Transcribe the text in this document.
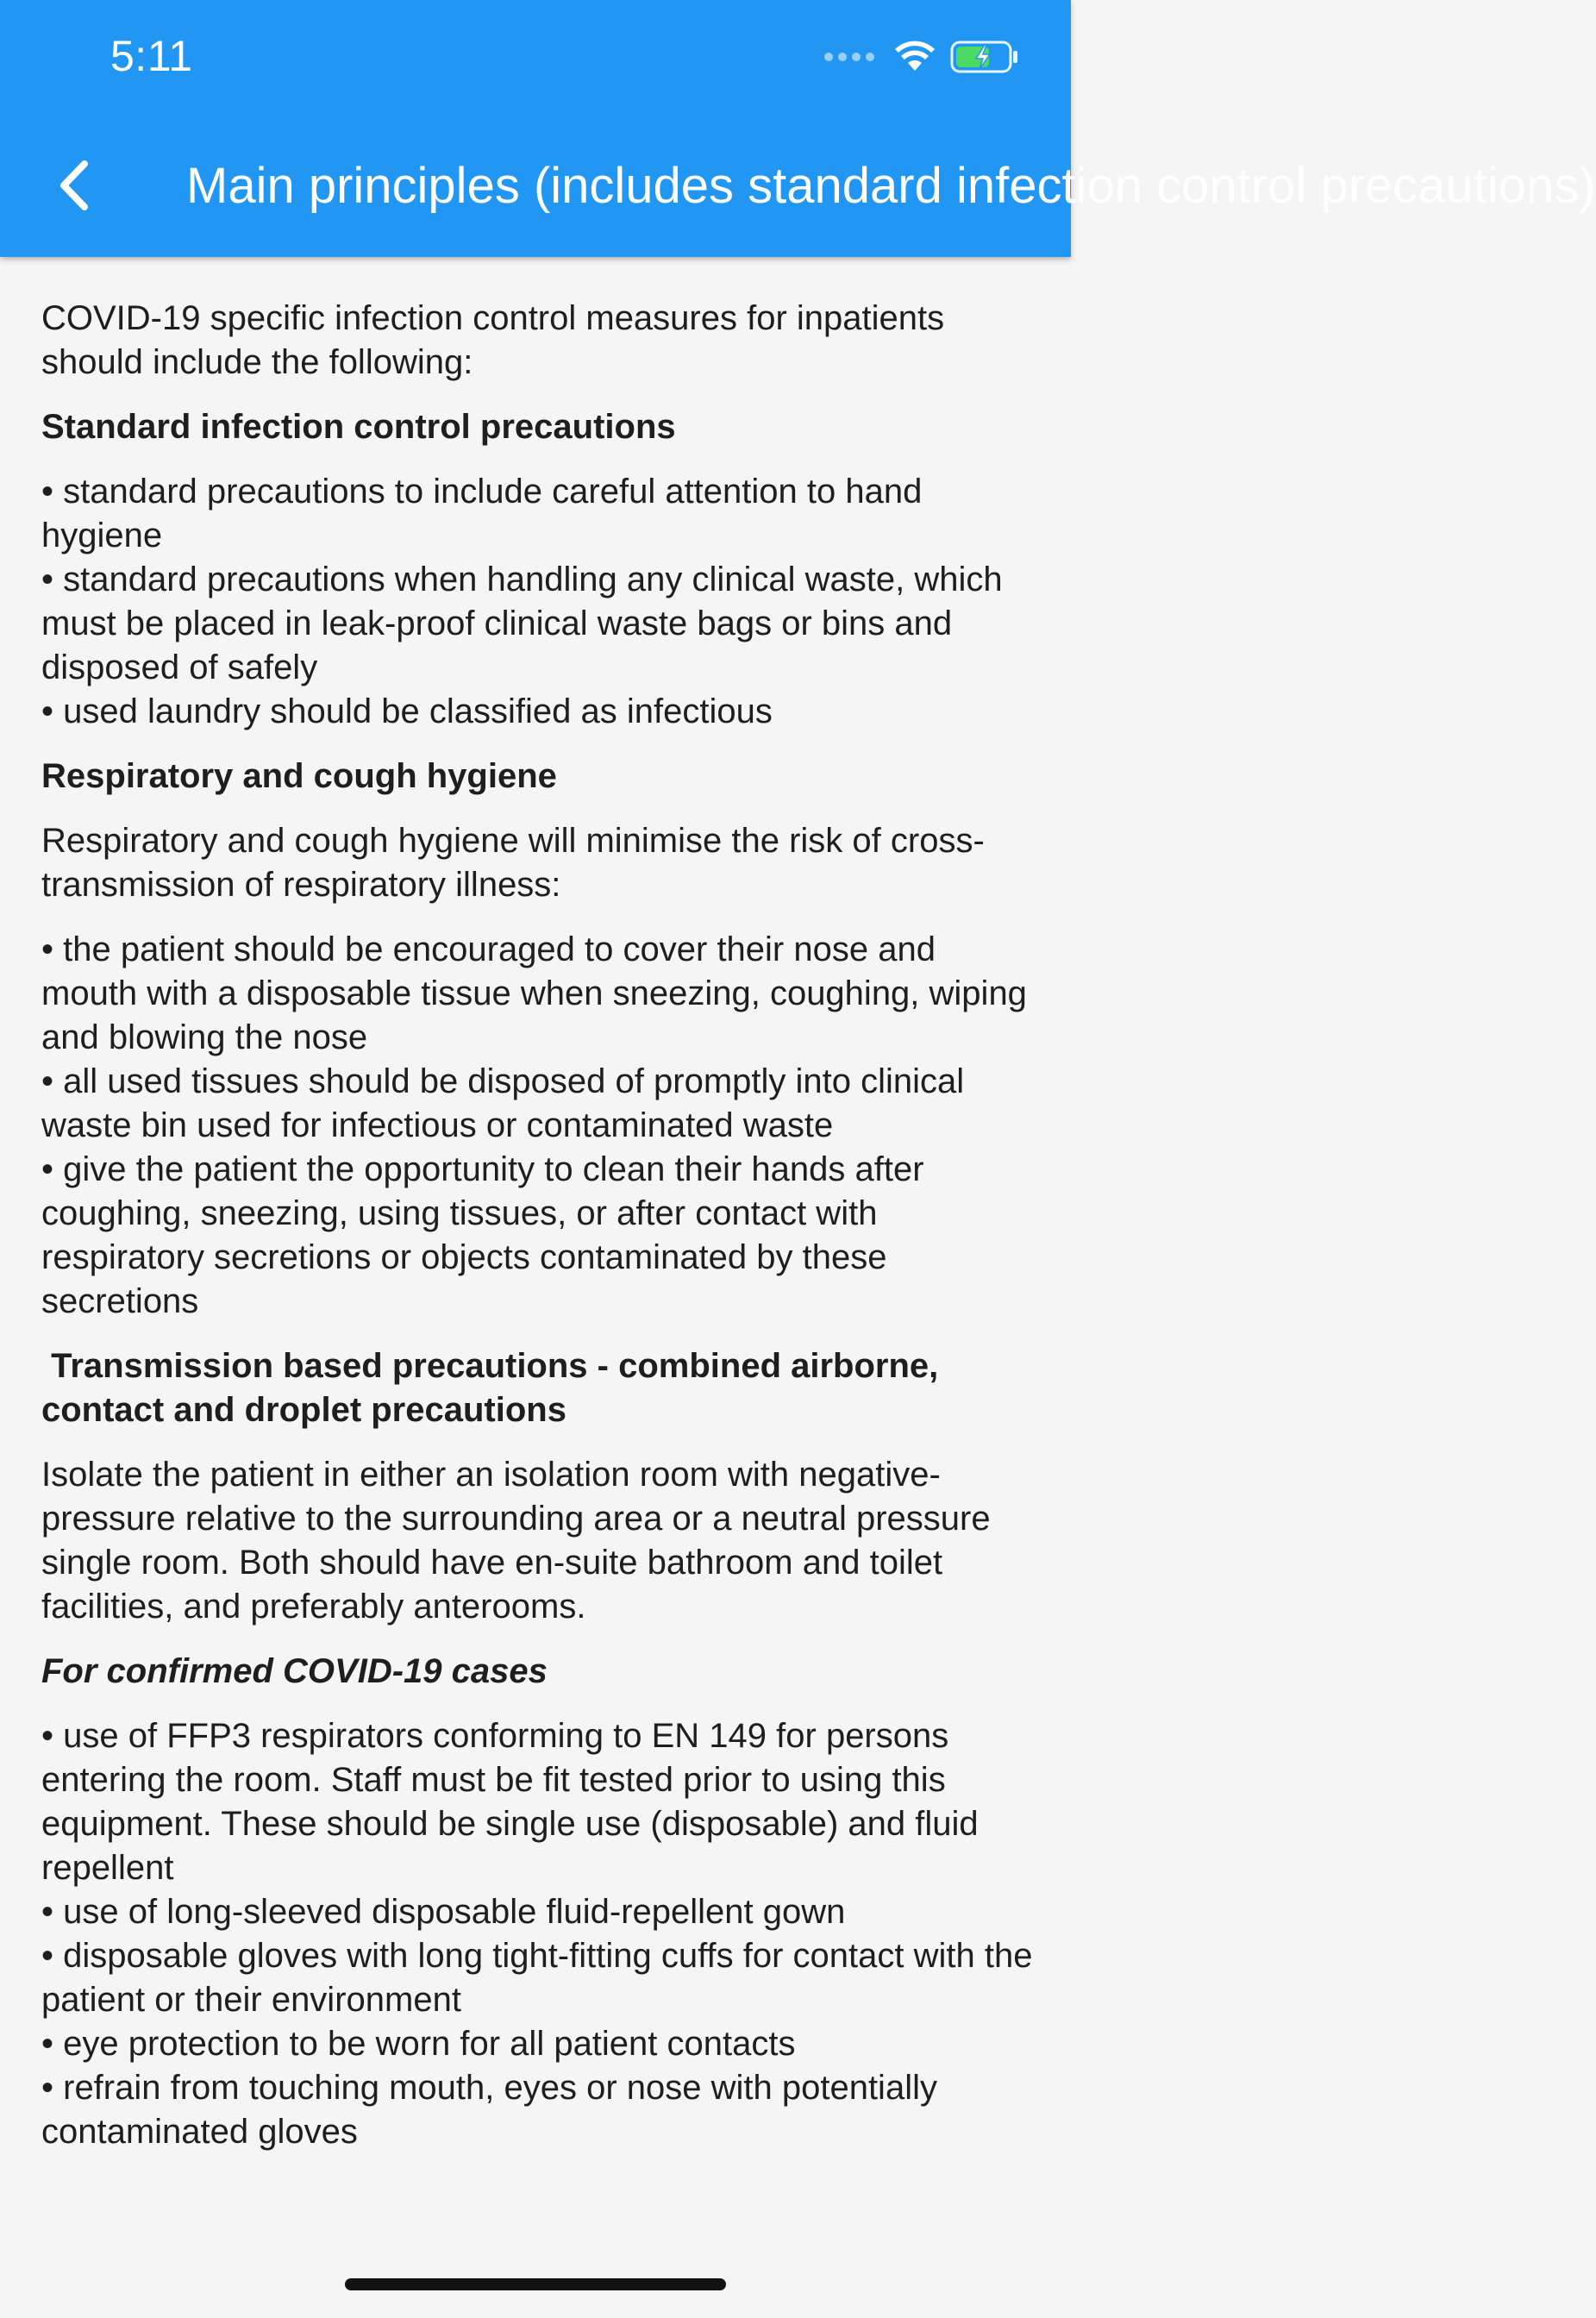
5:11
Main principles (includes standard infection control precautions)

COVID-19 specific infection control measures for inpatients should include the following:

Standard infection control precautions

• standard precautions to include careful attention to hand hygiene
• standard precautions when handling any clinical waste, which must be placed in leak-proof clinical waste bags or bins and disposed of safely
• used laundry should be classified as infectious

Respiratory and cough hygiene

Respiratory and cough hygiene will minimise the risk of cross-transmission of respiratory illness:

• the patient should be encouraged to cover their nose and mouth with a disposable tissue when sneezing, coughing, wiping and blowing the nose
• all used tissues should be disposed of promptly into clinical waste bin used for infectious or contaminated waste
• give the patient the opportunity to clean their hands after coughing, sneezing, using tissues, or after contact with respiratory secretions or objects contaminated by these secretions

Transmission based precautions - combined airborne, contact and droplet precautions

Isolate the patient in either an isolation room with negative-pressure relative to the surrounding area or a neutral pressure single room. Both should have en-suite bathroom and toilet facilities, and preferably anterooms.

For confirmed COVID-19 cases

• use of FFP3 respirators conforming to EN 149 for persons entering the room. Staff must be fit tested prior to using this equipment. These should be single use (disposable) and fluid repellent
• use of long-sleeved disposable fluid-repellent gown
• disposable gloves with long tight-fitting cuffs for contact with the patient or their environment
• eye protection to be worn for all patient contacts
• refrain from touching mouth, eyes or nose with potentially contaminated gloves
